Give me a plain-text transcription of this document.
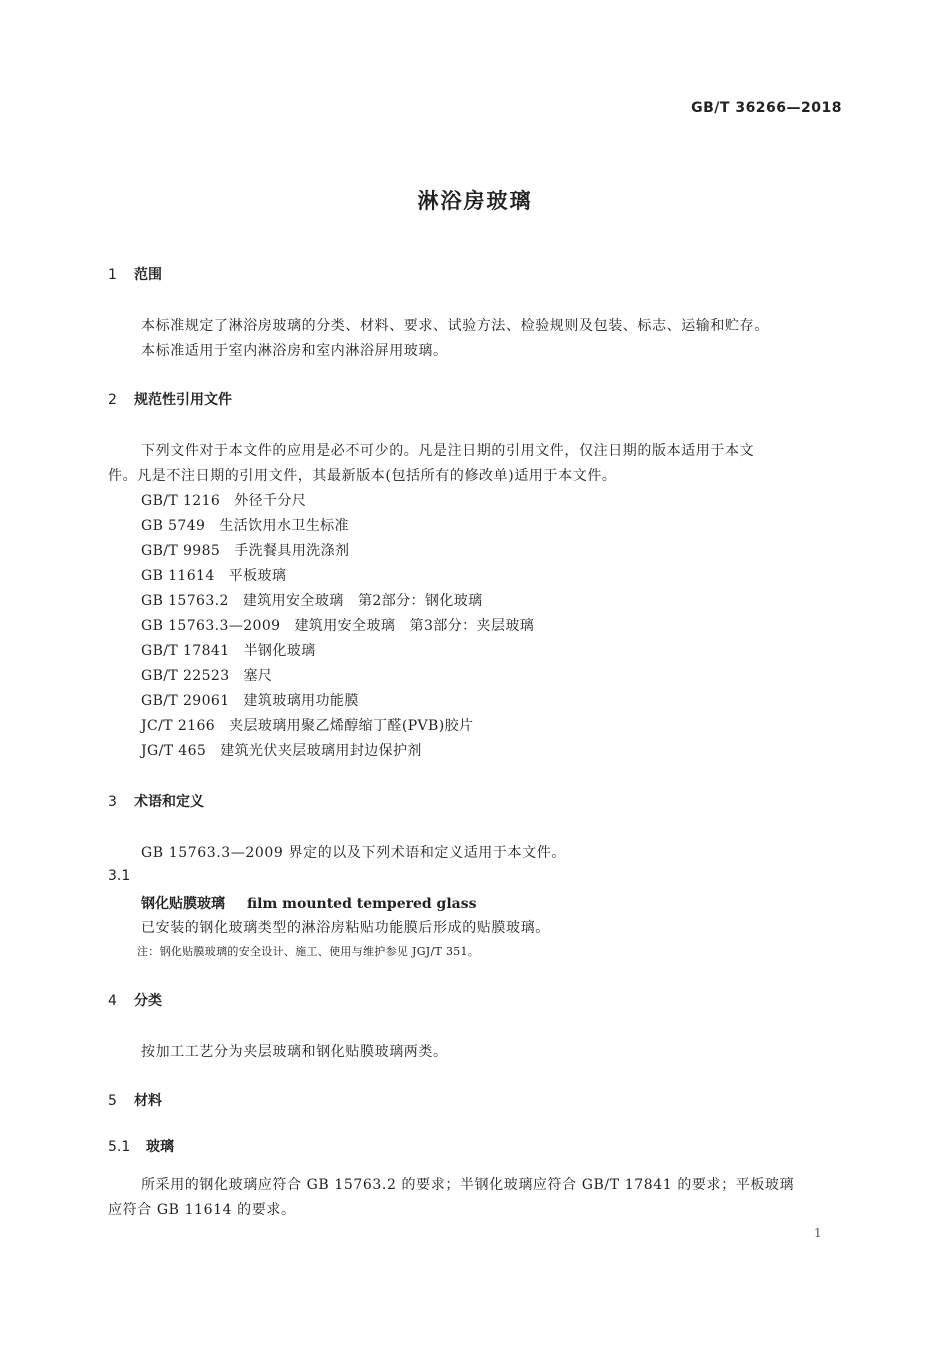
GB/T 36266—2018
淋浴房玻璃
1 范围
本标准规定了淋浴房玻璃的分类、材料、要求、试验方法、检验规则及包装、标志、运输和贮存。
本标准适用于室内淋浴房和室内淋浴屏用玻璃。
2 规范性引用文件
下列文件对于本文件的应用是必不可少的。凡是注日期的引用文件，仅注日期的版本适用于本文
件。凡是不注日期的引用文件，其最新版本(包括所有的修改单)适用于本文件。
GB/T 1216 外径千分尺
GB 5749 生活饮用水卫生标准
GB/T 9985 手洗餐具用洗涤剂
GB 11614 平板玻璃
GB 15763.2 建筑用安全玻璃　第2部分：钢化玻璃
GB 15763.3—2009 建筑用安全玻璃　第3部分：夹层玻璃
GB/T 17841 半钢化玻璃
GB/T 22523 塞尺
GB/T 29061 建筑玻璃用功能膜
JC/T 2166 夹层玻璃用聚乙烯醇缩丁醛(PVB)胶片
JG/T 465 建筑光伏夹层玻璃用封边保护剂
3 术语和定义
GB 15763.3—2009 界定的以及下列术语和定义适用于本文件。
3.1
钢化贴膜玻璃 film mounted tempered glass
已安装的钢化玻璃类型的淋浴房粘贴功能膜后形成的贴膜玻璃。
注：钢化贴膜玻璃的安全设计、施工、使用与维护参见 JGJ/T 351。
4 分类
按加工工艺分为夹层玻璃和钢化贴膜玻璃两类。
5 材料
5.1 玻璃
所采用的钢化玻璃应符合 GB 15763.2 的要求；半钢化玻璃应符合 GB/T 17841 的要求；平板玻璃
应符合 GB 11614 的要求。
1
